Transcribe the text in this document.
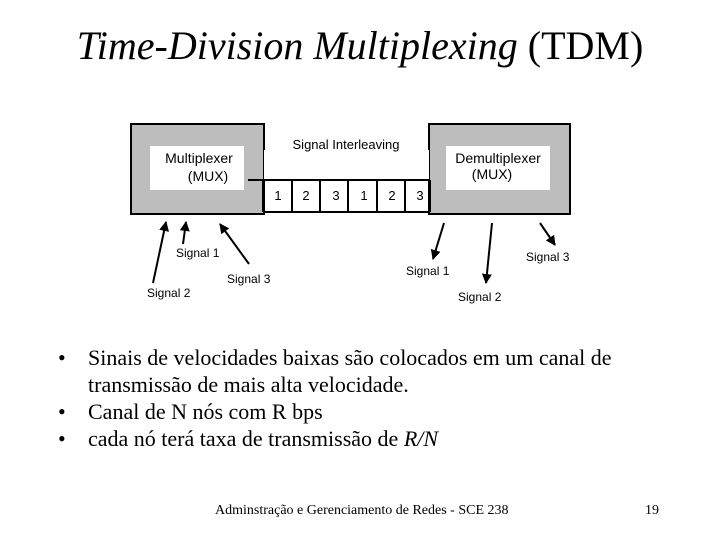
Time-Division Multiplexing (TDM)
Multiplexer
(MUX)
Demultiplexer
(MUX)
Signal Interleaving
1 2 3 1 2 3
Signal 1
Signal 2
Signal 3
Signal 1
Signal 2
Signal 3
• Sinais de velocidades baixas são colocados em um canal de transmissão de mais alta velocidade.
• Canal de N nós com R bps
• cada nó terá taxa de transmissão de R/N
Adminstração e Gerenciamento de Redes - SCE 238	19
